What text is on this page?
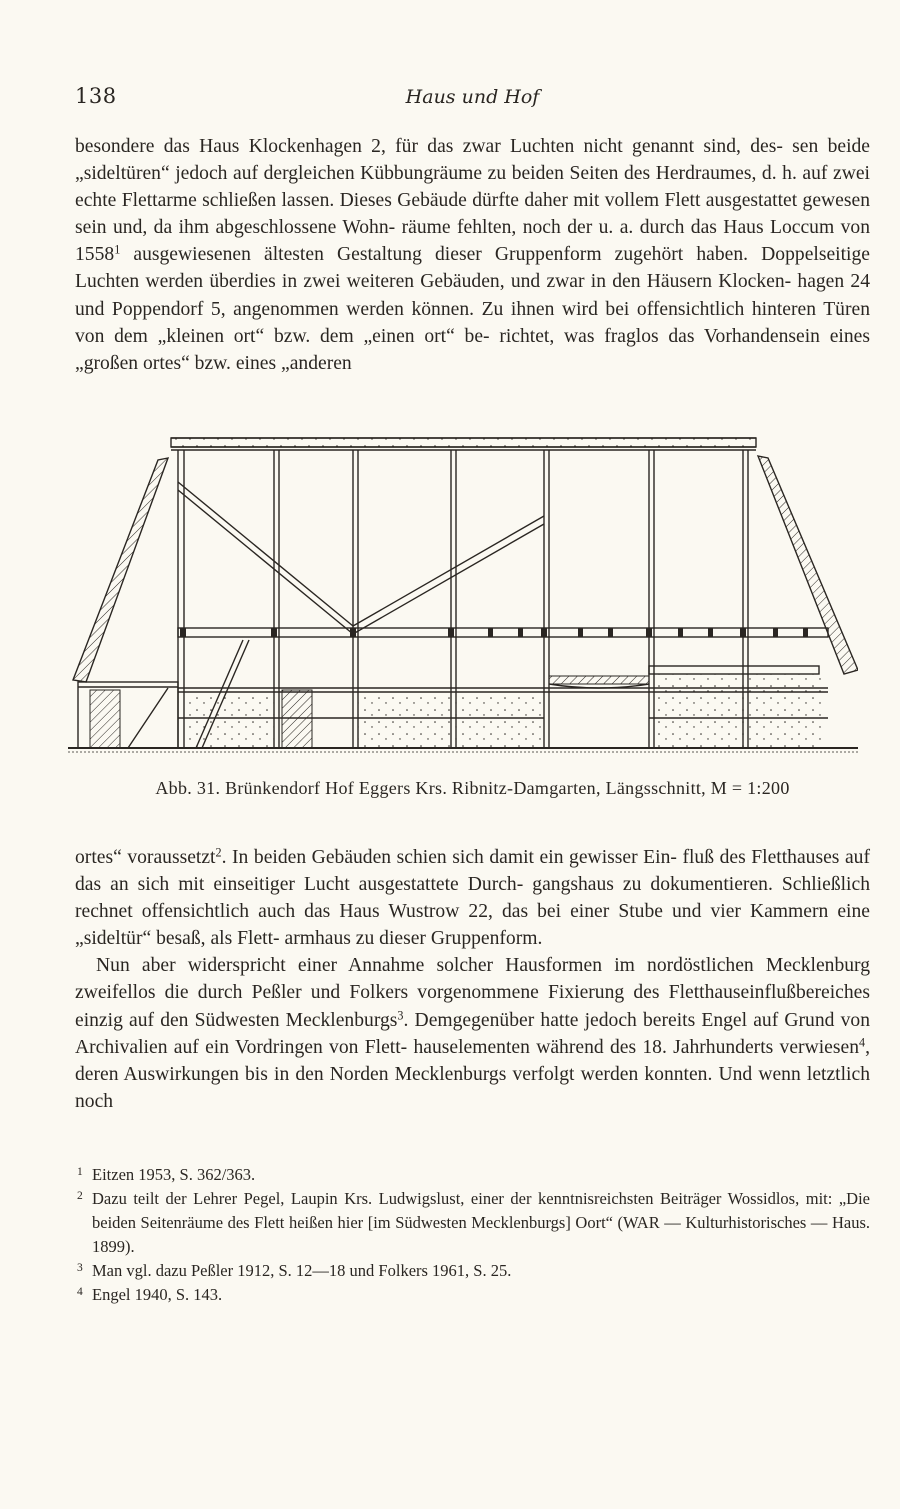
138	Haus und Hof

besondere das Haus Klockenhagen 2, für das zwar Luchten nicht genannt sind, des- sen beide „sideltüren“ jedoch auf dergleichen Kübbungräume zu beiden Seiten des Herdraumes, d. h. auf zwei echte Flettarme schließen lassen. Dieses Gebäude dürfte daher mit vollem Flett ausgestattet gewesen sein und, da ihm abgeschlossene Wohn- räume fehlten, noch der u. a. durch das Haus Loccum von 1558$^1$ ausgewiesenen ältesten Gestaltung dieser Gruppenform zugehört haben. Doppelseitige Luchten werden überdies in zwei weiteren Gebäuden, und zwar in den Häusern Klocken- hagen 24 und Poppendorf 5, angenommen werden können. Zu ihnen wird bei offensichtlich hinteren Türen von dem „kleinen ort“ bzw. dem „einen ort“ be- richtet, was fraglos das Vorhandensein eines „großen ortes“ bzw. eines „anderen

Abb. 31. Brünkendorf Hof Eggers Krs. Ribnitz-Damgarten, Längsschnitt, M = 1:200

ortes“ voraussetzt$^2$. In beiden Gebäuden schien sich damit ein gewisser Ein- fluß des Fletthauses auf das an sich mit einseitiger Lucht ausgestattete Durch- gangshaus zu dokumentieren. Schließlich rechnet offensichtlich auch das Haus Wustrow 22, das bei einer Stube und vier Kammern eine „sideltür“ besaß, als Flett- armhaus zu dieser Gruppenform.

Nun aber widerspricht einer Annahme solcher Hausformen im nordöstlichen Mecklenburg zweifellos die durch Peßler und Folkers vorgenommene Fixierung des Fletthauseinflußbereiches einzig auf den Südwesten Mecklenburgs$^3$. Demgegenüber hatte jedoch bereits Engel auf Grund von Archivalien auf ein Vordringen von Flett- hauselementen während des 18. Jahrhunderts verwiesen$^4$, deren Auswirkungen bis in den Norden Mecklenburgs verfolgt werden konnten. Und wenn letztlich noch

1 Eitzen 1953, S. 362/363.
2 Dazu teilt der Lehrer Pegel, Laupin Krs. Ludwigslust, einer der kenntnisreichsten Beiträger Wossidlos, mit: „Die beiden Seitenräume des Flett heißen hier [im Südwesten Mecklenburgs] Oort“ (WAR — Kulturhistorisches — Haus. 1899).
3 Man vgl. dazu Peßler 1912, S. 12—18 und Folkers 1961, S. 25.
4 Engel 1940, S. 143.
